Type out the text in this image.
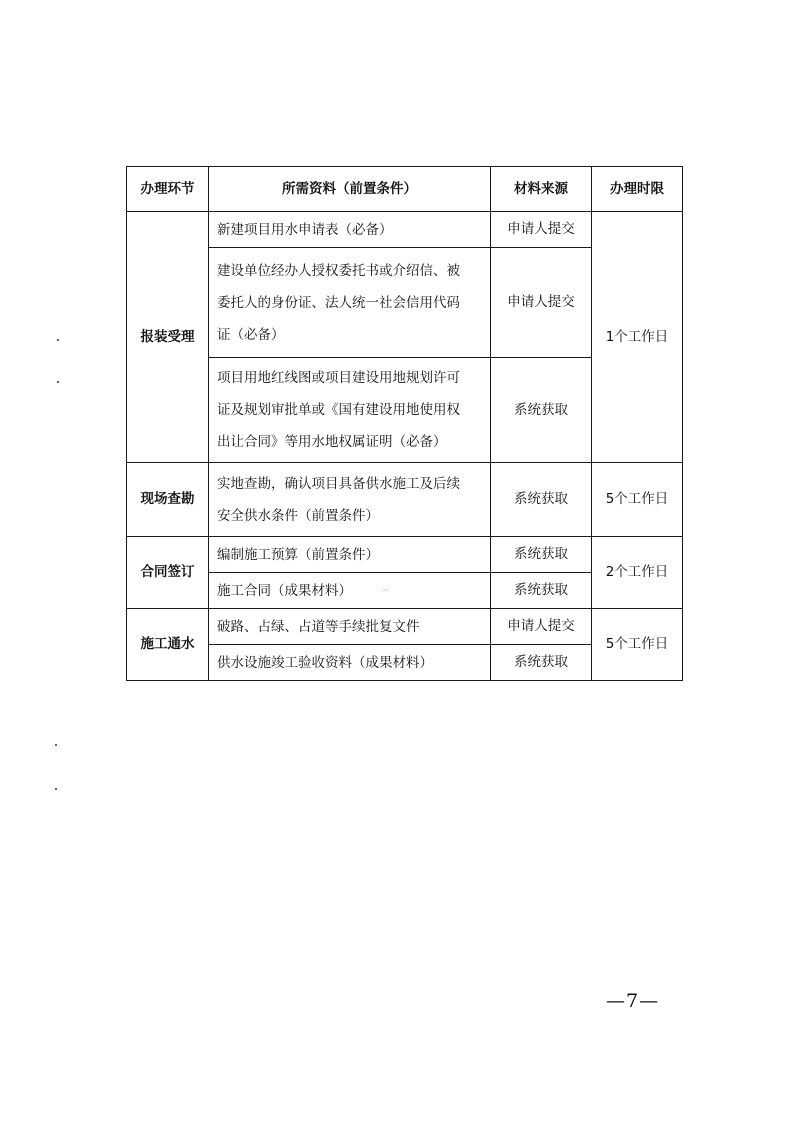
办理环节	所需资料（前置条件）	材料来源	办理时限
报装受理	新建项目用水申请表（必备）	申请人提交	1个工作日

	建设单位经办人授权委托书或介绍信、被
委托人的身份证、法人统一社会信用代码
证（必备）	申请人提交	

	项目用地红线图或项目建设用地规划许可
证及规划审批单或《国有建设用地使用权
出让合同》等用水地权属证明（必备）	系统获取	
现场查勘	实地查勘，确认项目具备供水施工及后续
安全供水条件（前置条件）	系统获取	5个工作日
合同签订	编制施工预算（前置条件）	系统获取	2个工作日

	施工合同（成果材料） ···	系统获取	
施工通水	破路、占绿、占道等手续批复文件	申请人提交	5个工作日

	供水设施竣工验收资料（成果材料）	系统获取	
—7—
